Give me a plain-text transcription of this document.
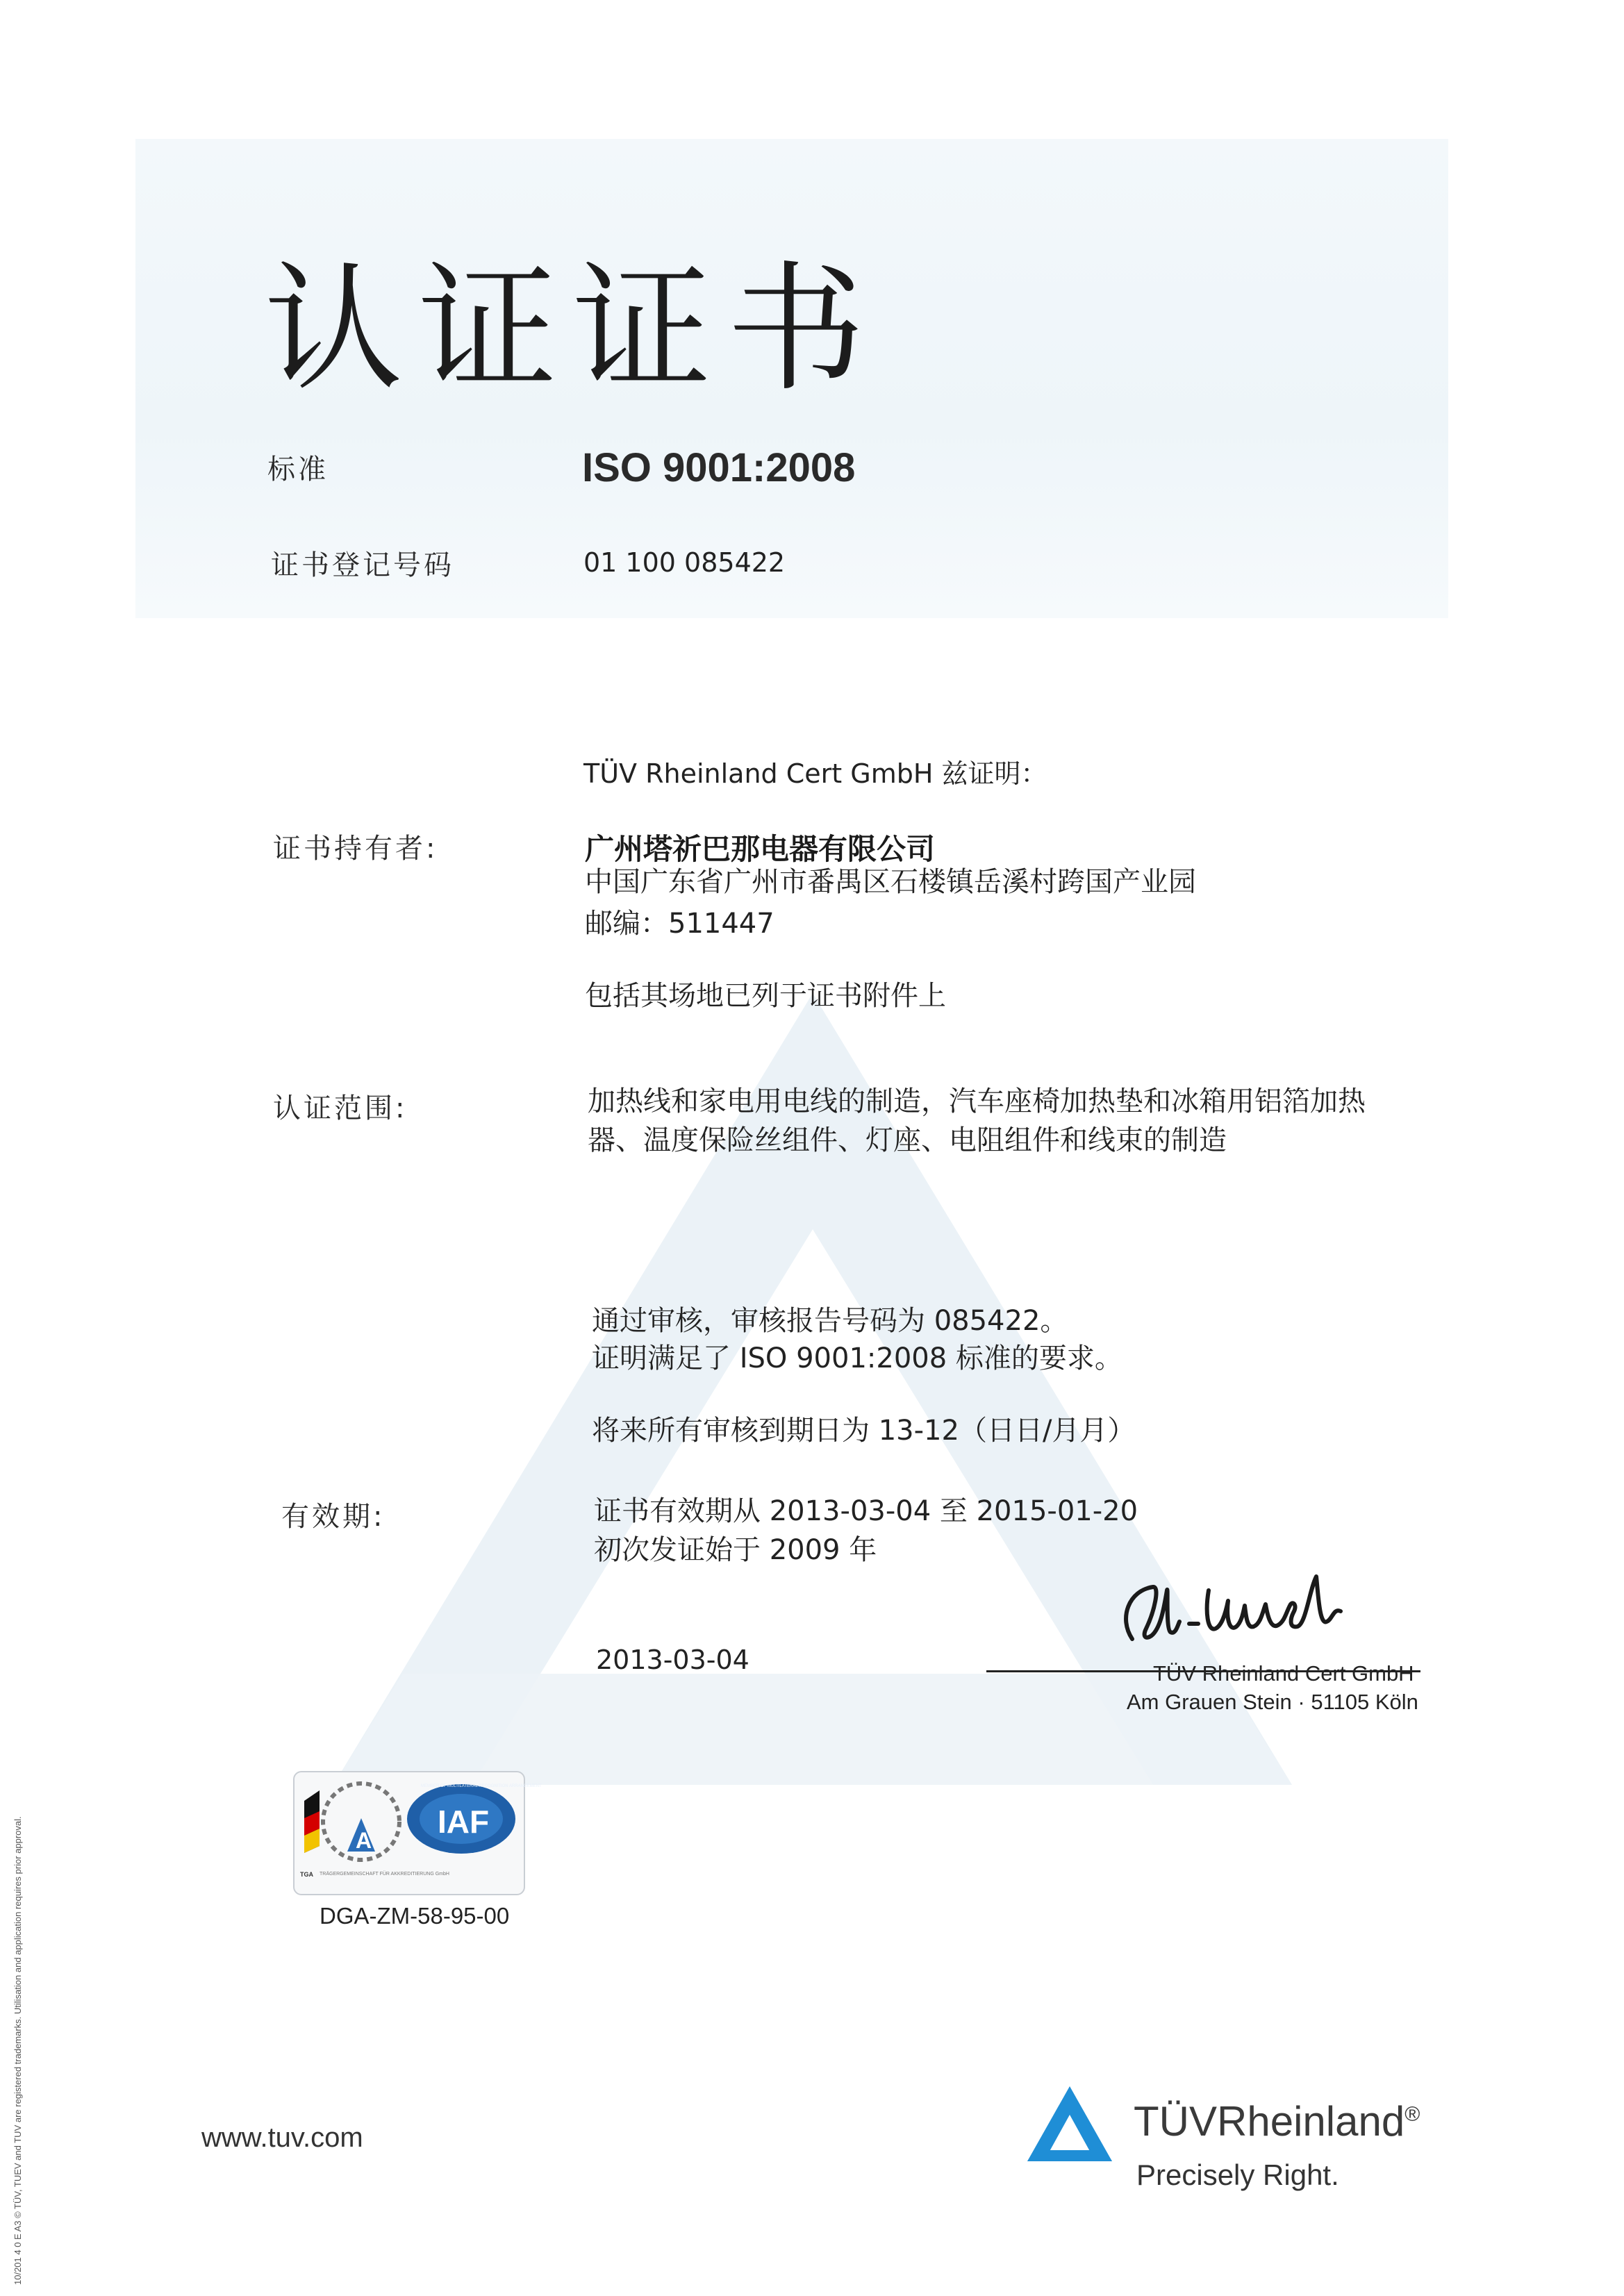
认证证书
标准	ISO 9001:2008
证书登记号码	01 100 085422
TÜV Rheinland Cert GmbH 兹证明：
证书持有者:	广州塔祈巴那电器有限公司
中国广东省广州市番禺区石楼镇岳溪村跨国产业园
邮编：511447
包括其场地已列于证书附件上
认证范围:	加热线和家电用电线的制造，汽车座椅加热垫和冰箱用铝箔加热
器、温度保险丝组件、灯座、电阻组件和线束的制造
通过审核，审核报告号码为 085422。
证明满足了 ISO 9001:2008 标准的要求。
将来所有审核到期日为 13-12（日日/月月）
有效期:	证书有效期从 2013-03-04 至 2015-01-20
初次发证始于 2009 年
2013-03-04	TÜV Rheinland Cert GmbH
Am Grauen Stein · 51105 Köln
A
IAF
MEMBER OF MULTILATERAL RECOGNITION ARRANGEMENT
TGA TRÄGERGEMEINSCHAFT FÜR AKKREDITIERUNG GmbH
DGA-ZM-58-95-00
www.tuv.com	TÜVRheinland®
Precisely Right.
10/201 4 0 E A3 © TÜV, TUEV and TUV are registered trademarks. Utilisation and application requires prior approval.
